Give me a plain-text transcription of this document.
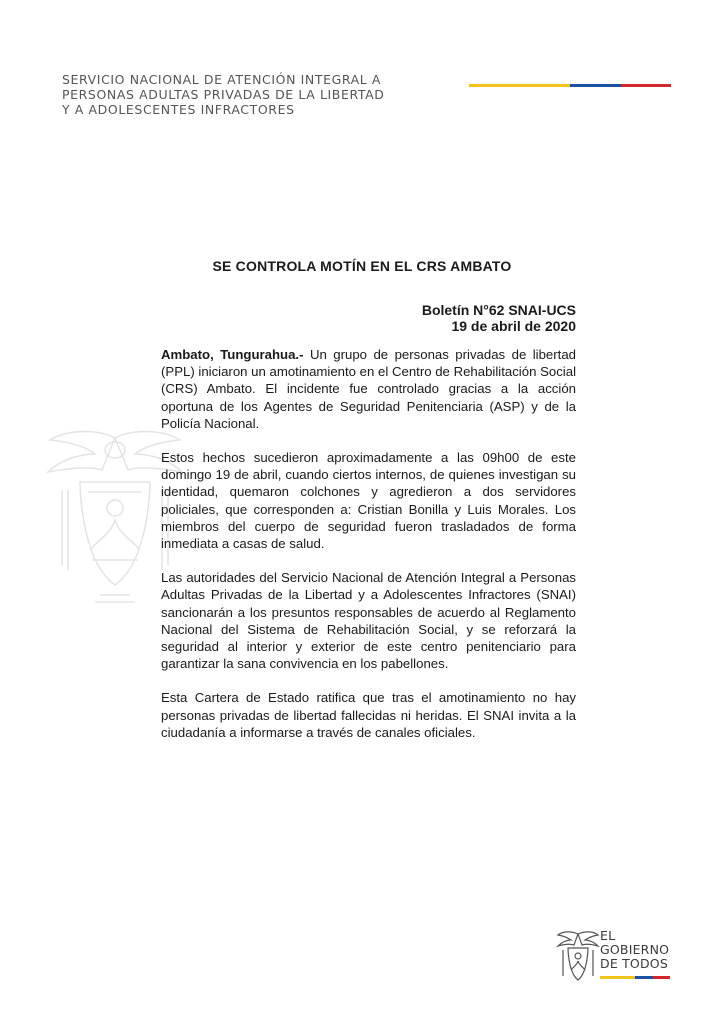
SERVICIO NACIONAL DE ATENCIÓN INTEGRAL A
PERSONAS ADULTAS PRIVADAS DE LA LIBERTAD
Y A ADOLESCENTES INFRACTORES
SE CONTROLA MOTÍN EN EL CRS AMBATO
Boletín N°62 SNAI-UCS
19 de abril de 2020

Ambato, Tungurahua.- Un grupo de personas privadas de libertad (PPL) iniciaron un amotinamiento en el Centro de Rehabilitación Social (CRS) Ambato. El incidente fue controlado gracias a la acción oportuna de los Agentes de Seguridad Penitenciaria (ASP) y de la Policía Nacional.

Estos hechos sucedieron aproximadamente a las 09h00 de este domingo 19 de abril, cuando ciertos internos, de quienes investigan su identidad, quemaron colchones y agredieron a dos servidores policiales, que corresponden a: Cristian Bonilla y Luis Morales. Los miembros del cuerpo de seguridad fueron trasladados de forma inmediata a casas de salud.

Las autoridades del Servicio Nacional de Atención Integral a Personas Adultas Privadas de la Libertad y a Adolescentes Infractores (SNAI) sancionarán a los presuntos responsables de acuerdo al Reglamento Nacional del Sistema de Rehabilitación Social, y se reforzará la seguridad al interior y exterior de este centro penitenciario para garantizar la sana convivencia en los pabellones.

Esta Cartera de Estado ratifica que tras el amotinamiento no hay personas privadas de libertad fallecidas ni heridas. El SNAI invita a la ciudadanía a informarse a través de canales oficiales.

EL
GOBIERNO
DE TODOS
